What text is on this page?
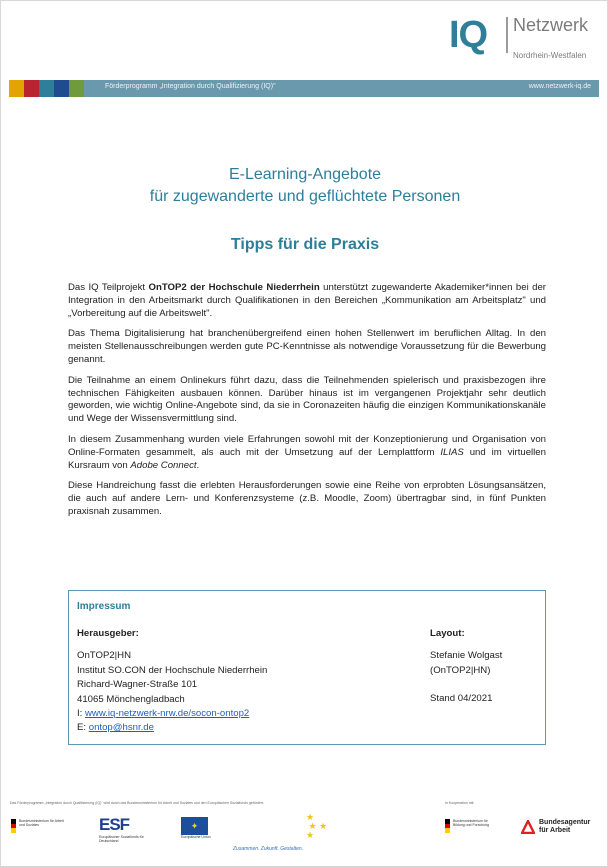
IQ Netzwerk
Nordrhein-Westfalen
Förderprogramm „Integration durch Qualifizierung (IQ)"	www.netzwerk-iq.de
E-Learning-Angebote
für zugewanderte und geflüchtete Personen
Tipps für die Praxis

Das IQ Teilprojekt OnTOP2 der Hochschule Niederrhein unterstützt zugewanderte Akademiker*innen bei der Integration in den Arbeitsmarkt durch Qualifikationen in den Bereichen „Kommunikation am Arbeitsplatz" und „Vorbereitung auf die Arbeitswelt".

Das Thema Digitalisierung hat branchenübergreifend einen hohen Stellenwert im beruflichen Alltag. In den meisten Stellenausschreibungen werden gute PC-Kenntnisse als notwendige Voraussetzung für die Bewerbung genannt.

Die Teilnahme an einem Onlinekurs führt dazu, dass die Teilnehmenden spielerisch und praxisbezogen ihre technischen Fähigkeiten ausbauen können. Darüber hinaus ist im vergangenen Projektjahr sehr deutlich geworden, wie wichtig Online-Angebote sind, da sie in Coronazeiten häufig die einzigen Kommunikationskanäle und Wege der Wissensvermittlung sind.

In diesem Zusammenhang wurden viele Erfahrungen sowohl mit der Konzeptionierung und Organisation von Online-Formaten gesammelt, als auch mit der Umsetzung auf der Lernplattform ILIAS und im virtuellen Kursraum von Adobe Connect.

Diese Handreichung fasst die erlebten Herausforderungen sowie eine Reihe von erprobten Lösungsansätzen, die auch auf andere Lern- und Konferenzsysteme (z.B. Moodle, Zoom) übertragbar sind, in fünf Punkten praxisnah zusammen.

Impressum
Herausgeber:
OnTOP2|HN
Institut SO.CON der Hochschule Niederrhein
Richard-Wagner-Straße 101
41065 Mönchengladbach
I: www.iq-netzwerk-nrw.de/socon-ontop2
E: ontop@hsnr.de
Layout:
Stefanie Wolgast
(OnTOP2|HN)
Stand 04/2021
Das Förderprogramm „Integration durch Qualifizierung (IQ)" wird durch das Bundesministerium für Arbeit und Soziales und den Europäischen Sozialfonds gefördert.	In Kooperation mit:
Bundesministerium für Arbeit und Soziales	ESF
Europäischer Sozialfonds für Deutschland
✦
Europäische Union
Zusammen. Zukunft. Gestalten.
★
★ ★
★
Bundesministerium für Bildung und Forschung	Bundesagentur für Arbeit
